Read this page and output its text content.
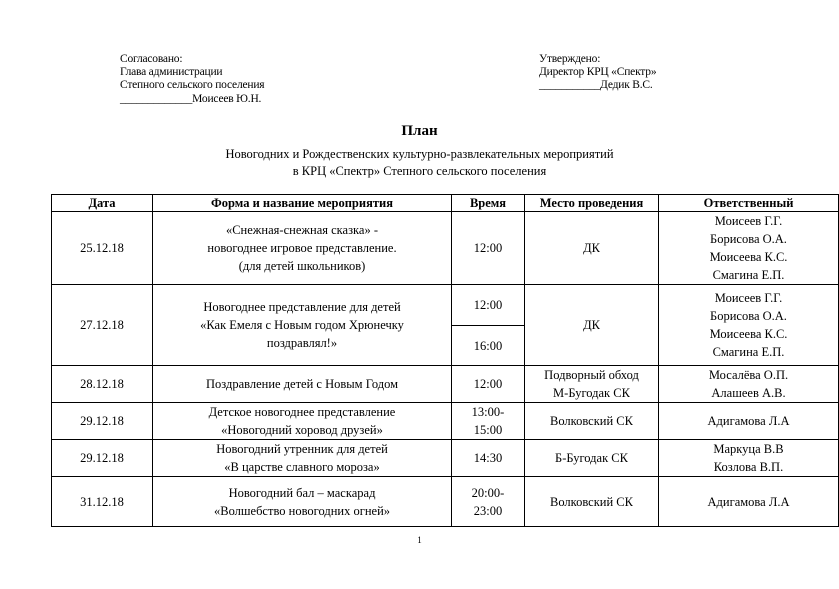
Согласовано:
Глава администрации
Степного сельского поселения
_____________Моисеев Ю.Н.
Утверждено:
Директор КРЦ «Спектр»
___________Дедик В.С.
План
Новогодних и Рождественских культурно-развлекательных мероприятий
в КРЦ «Спектр» Степного сельского поселения
Дата	Форма и название мероприятия	Время	Место проведения	Ответственный
25.12.18	«Снежная-снежная сказка» -
новогоднее игровое представление.
(для детей школьников)	12:00	ДК	Моисеев Г.Г.
Борисова О.А.
Моисеева К.С.
Смагина Е.П.

27.12.18	Новогоднее представление для детей
«Как Емеля с Новым годом Хрюнечку
поздравлял!»	12:00	ДК	Моисеев Г.Г.
Борисова О.А.
Моисеева К.С.
Смагина Е.П.

		16:00		
28.12.18	Поздравление детей с Новым Годом	12:00	Подворный обход
М-Бугодак СК	Мосалёва О.П.
Алашеев А.В.

29.12.18	Детское новогоднее представление
«Новогодний хоровод друзей»	13:00-
15:00	Волковский СК	Адигамова Л.А
29.12.18	Новогодний утренник для детей
«В царстве славного мороза»	14:30	Б-Бугодак СК	Маркуца В.В
Козлова В.П.

31.12.18	Новогодний бал – маскарад
«Волшебство новогодних огней»	20:00-
23:00	Волковский СК	Адигамова Л.А
1
